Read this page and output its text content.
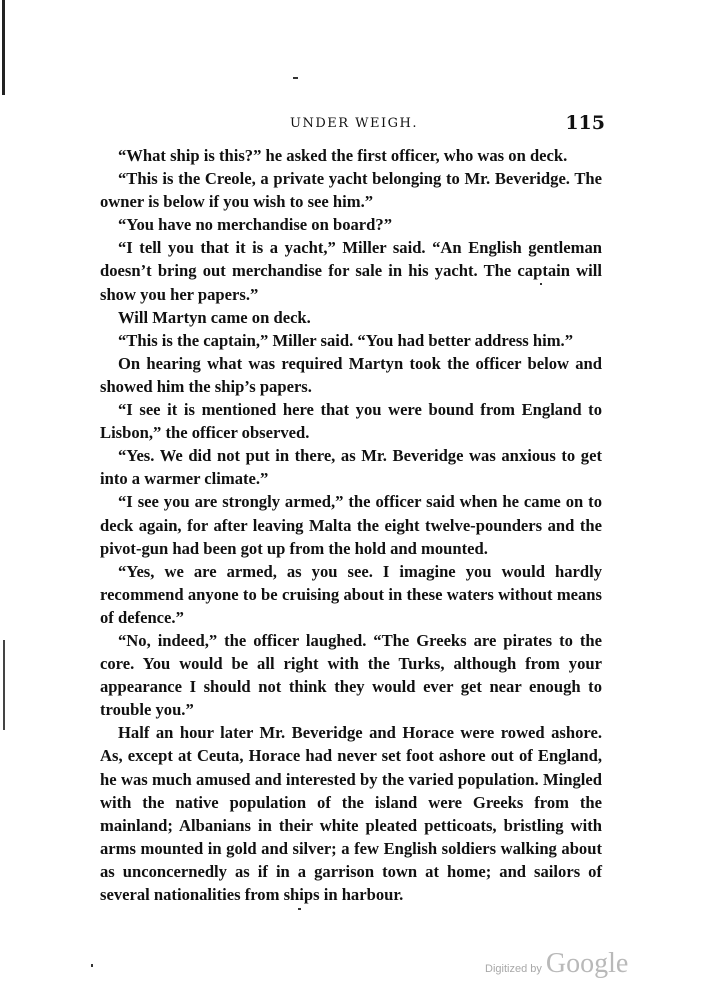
UNDER WEIGH.	115

“What ship is this?” he asked the first officer, who was on deck.

“This is the Creole, a private yacht belonging to Mr. Beveridge. The owner is below if you wish to see him.”

“You have no merchandise on board?”

“I tell you that it is a yacht,” Miller said. “An English gentleman doesn’t bring out merchandise for sale in his yacht. The captain will show you her papers.”

Will Martyn came on deck.

“This is the captain,” Miller said. “You had better address him.”

On hearing what was required Martyn took the officer below and showed him the ship’s papers.

“I see it is mentioned here that you were bound from England to Lisbon,” the officer observed.

“Yes. We did not put in there, as Mr. Beveridge was anxious to get into a warmer climate.”

“I see you are strongly armed,” the officer said when he came on to deck again, for after leaving Malta the eight twelve-pounders and the pivot-gun had been got up from the hold and mounted.

“Yes, we are armed, as you see. I imagine you would hardly recommend anyone to be cruising about in these waters without means of defence.”

“No, indeed,” the officer laughed. “The Greeks are pirates to the core. You would be all right with the Turks, although from your appearance I should not think they would ever get near enough to trouble you.”

Half an hour later Mr. Beveridge and Horace were rowed ashore. As, except at Ceuta, Horace had never set foot ashore out of England, he was much amused and interested by the varied population. Mingled with the native population of the island were Greeks from the mainland; Albanians in their white pleated petticoats, bristling with arms mounted in gold and silver; a few English soldiers walking about as unconcernedly as if in a garrison town at home; and sailors of several nationalities from ships in harbour.

Digitized by Google
